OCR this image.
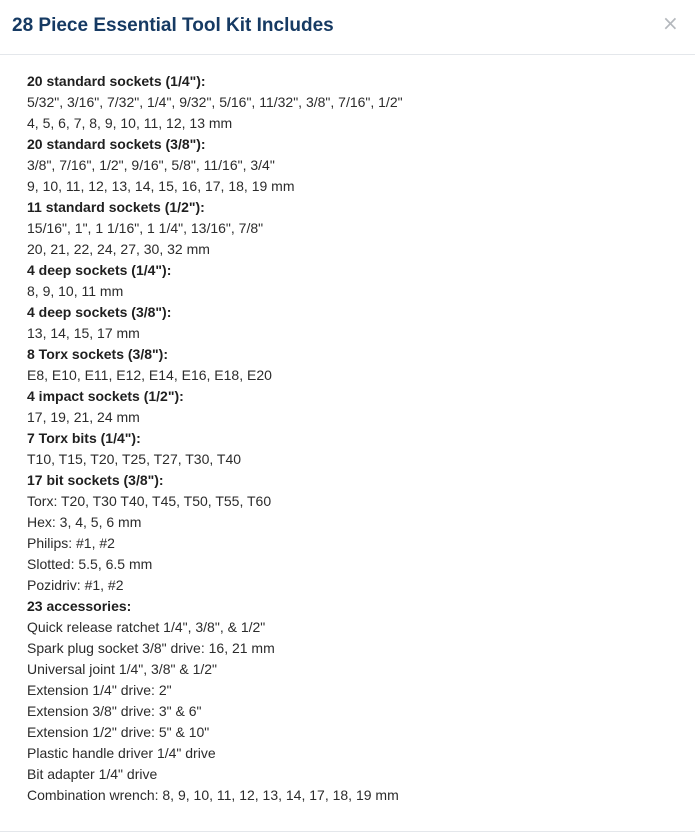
28 Piece Essential Tool Kit Includes	×
20 standard sockets (1/4"):
5/32", 3/16", 7/32", 1/4", 9/32", 5/16", 11/32", 3/8", 7/16", 1/2"
4, 5, 6, 7, 8, 9, 10, 11, 12, 13 mm
20 standard sockets (3/8"):
3/8", 7/16", 1/2", 9/16", 5/8", 11/16", 3/4"
9, 10, 11, 12, 13, 14, 15, 16, 17, 18, 19 mm
11 standard sockets (1/2"):
15/16", 1", 1 1/16", 1 1/4", 13/16", 7/8"
20, 21, 22, 24, 27, 30, 32 mm
4 deep sockets (1/4"):
8, 9, 10, 11 mm
4 deep sockets (3/8"):
13, 14, 15, 17 mm
8 Torx sockets (3/8"):
E8, E10, E11, E12, E14, E16, E18, E20
4 impact sockets (1/2"):
17, 19, 21, 24 mm
7 Torx bits (1/4"):
T10, T15, T20, T25, T27, T30, T40
17 bit sockets (3/8"):
Torx: T20, T30 T40, T45, T50, T55, T60
Hex: 3, 4, 5, 6 mm
Philips: #1, #2
Slotted: 5.5, 6.5 mm
Pozidriv: #1, #2
23 accessories:
Quick release ratchet 1/4", 3/8", & 1/2"
Spark plug socket 3/8" drive: 16, 21 mm
Universal joint 1/4", 3/8" & 1/2"
Extension 1/4" drive: 2"
Extension 3/8" drive: 3" & 6"
Extension 1/2" drive: 5" & 10"
Plastic handle driver 1/4" drive
Bit adapter 1/4" drive
Combination wrench: 8, 9, 10, 11, 12, 13, 14, 17, 18, 19 mm
